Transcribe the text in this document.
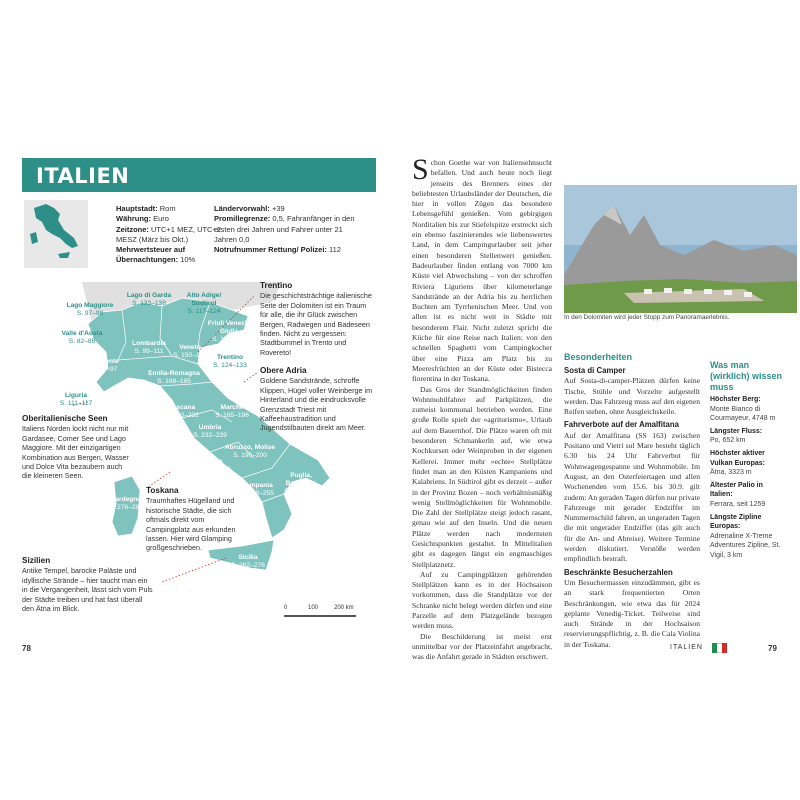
ITALIEN
Hauptstadt: Rom
Währung: Euro
Zeitzone: UTC+1 MEZ, UTC+2 MESZ (März bis Okt.)
Mehrwertsteuer auf Übernachtungen: 10%
Ländervorwahl: +39
Promillegrenze: 0,5, Fahranfänger in den ersten drei Jahren und Fahrer unter 21 Jahren 0,0
Notrufnummer Rettung/ Polizei: 112
Lago Maggiore
S. 97–98
Lago di Garda
S. 133–138
Alto Adige/ Südtirol
S. 117–124
Valle d'Aosta
S. 82–85	Lombardia
S. 99–111
Veneto
S. 150–163
Friuli Venezia Giulia
S. 139–149
Piemonte
S. 85–97
Trentino
S. 124–133
Emilia-Romagna
S. 168–185
Liguria
S. 111–117
Toscana
S. 210–232
Marche
S. 185–196
Umbria
S. 232–239
Abruzzo, Molise
S. 196–200
Lazio
S. 239–248
Sardegna
S. 276–286
Campania
S. 248–255
Puglia, Basilicata
S. 200–210
Calabria
S. 256–262
Sicilia
S. 262–276
Trentino
Die geschichtsträchtige italienische Seite der Dolomiten ist ein Traum für alle, die ihr Glück zwischen Bergen, Radwegen und Badeseen finden. Nicht zu vergessen: Stadtbummel in Trento und Rovereto!
Obere Adria
Goldene Sandstrände, schroffe Klippen, Hügel voller Weinberge im Hinterland und die eindrucksvolle Grenzstadt Triest mit Kaffeehaustradition und Jugendstilbauten direkt am Meer.
Oberitalienische Seen
Italiens Norden lockt nicht nur mit Gardasee, Comer See und Lago Maggiore. Mit der einzigartigen Kombination aus Bergen, Wasser und Dolce Vita bezaubern auch die kleineren Seen.
Toskana
Traumhaftes Hügelland und historische Städte, die sich oftmals direkt vom Campingplatz aus erkunden lassen. Hier wird Glamping großgeschrieben.
Sizilien
Antike Tempel, barocke Paläste und idyllische Strände – hier taucht man ein in die Vergangenheit, lässt sich vom Puls der Städte treiben und hat fast überall den Ätna im Blick.	0	100	200 km
78

Schon Goethe war von Italiensehnsucht befallen. Und auch heute noch liegt jenseits des Brenners eines der beliebtesten Urlaubsländer der Deutschen, die hier in vollen Zügen das besondere Lebensgefühl genießen. Vom gebirgigen Norditalien bis zur Stiefelspitze erstreckt sich ein ebenso faszinierendes wie liebenswertes Land, in dem Campingurlauber seit jeher einen besonderen Stellenwert genießen. Badeurlauber finden entlang von 7000 km Küste viel Abwechslung – von der schroffen Riviera Liguriens über kilometerlange Sandstrände an der Adria bis zu herrlichen Buchten am Tyrrhenischen Meer. Und von allen ist es nicht weit in Städte mit besonderem Flair. Nicht zuletzt spricht die Küche für eine Reise nach Italien: von den schnellen Spaghetti vom Campingkocher über eine Pizza am Platz bis zu Meeresfrüchten an der Küste oder Bistecca fiorentina in der Toskana.

Das Gros der Standmöglichkeiten finden Wohnmobilfahrer auf Parkplätzen, die zumeist kommunal betrieben werden. Eine große Rolle spielt der »agriturismo«, Urlaub auf dem Bauernhof. Die Plätze waren oft mit besonderen Schmankerln auf, wie etwa Kochkursen oder Weinproben in der eigenen Kellerei. Immer mehr »echte« Stellplätze findet man an den Küsten Kampaniens und Kalabriens. In Südtirol gibt es derzeit – außer in der Provinz Bozen – noch verhältnismäßig wenig Stellmöglichkeiten für Wohnmobile. Die Zahl der Stellplätze steigt jedoch rasant, genau wie auf den Inseln. Und die neuen Plätze werden nach modernsten Gesichtspunkten gestaltet. In Mittelitalien gibt es dagegen längst ein engmaschiges Stellplatznetz.

Auf zu Campingplätzen gehörenden Stellplätzen kann es in der Hochsaison vorkommen, dass die Standplätze vor der Schranke nicht belegt werden dürfen und eine Parzelle auf dem Platzgelände bezogen werden muss.

Die Beschilderung ist meist erst unmittelbar vor der Platzeinfahrt angebracht, was die Anfahrt gerade in Städten erschwert.

In den Dolomiten wird jeder Stopp zum Panoramaerlebnis.
Besonderheiten
Sosta di Camper

Auf Sosta-di-camper-Plätzen dürfen keine Tische, Stühle und Vorzelte aufgestellt werden. Das Fahrzeug muss auf den eigenen Reifen stehen, ohne Ausgleichskeile.

Fahrverbote auf der Amalfitana

Auf der Amalfitana (SS 163) zwischen Positano und Vietri sul Mare besteht täglich 6.30 bis 24 Uhr Fahrverbot für Wohnwagengespanne und Wohnmobile. Im August, an den Osterfeiertagen und allen Wochenenden vom 15.6. bis 30.9. gilt zudem: An geraden Tagen dürfen nur private Fahrzeuge mit gerader Endziffer im Nummernschild fahren, an ungeraden Tagen die mit ungerader Endziffer (das gilt auch für die An- und Abreise). Weitere Termine werden diskutiert. Verstöße werden empfindlich bestraft.

Beschränkte Besucherzahlen

Um Besuchermassen einzudämmen, gibt es an stark frequentierten Orten Beschränkungen, wie etwa das für 2024 geplante Venedig-Ticket. Teilweise sind auch Strände in der Hochsaison reservierungspflichtig, z. B. die Cala Violina in der Toskana.

Was man (wirklich) wissen muss
Höchster Berg:
Monte Bianco di Courmayeur, 4748 m
Längster Fluss:
Po, 652 km
Höchster aktiver Vulkan Europas:
Ätna, 3323 m
Ältester Palio in Italien:
Ferrara, seit 1259
Längste Zipline Europas:
Adrenaline X-Treme Adventures Zipline, St. Vigil, 3 km
ITALIEN	79
